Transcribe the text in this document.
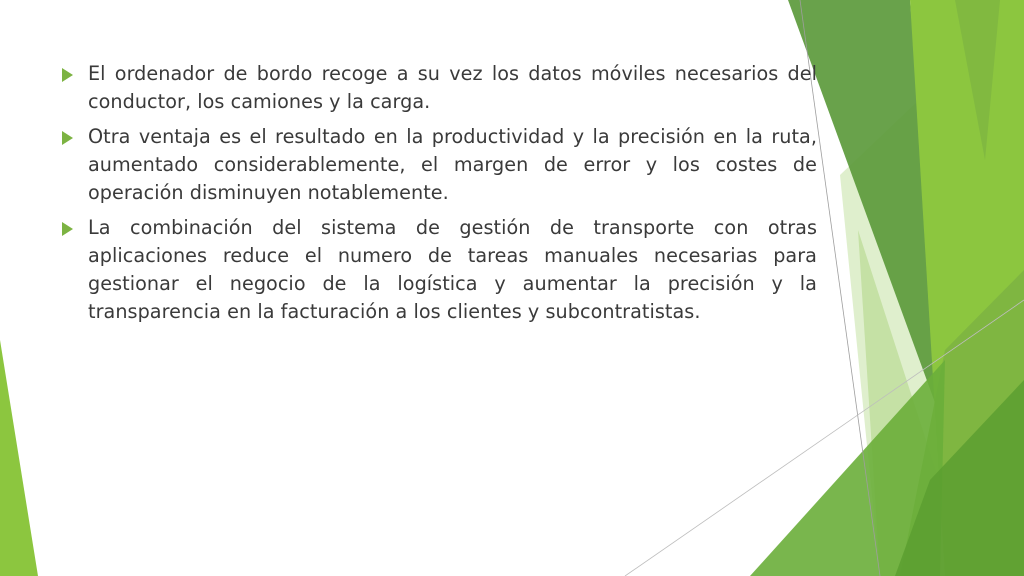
El ordenador de bordo recoge a su vez los datos móviles necesarios del conductor, los camiones y la carga.
Otra ventaja es el resultado en la productividad y la precisión en la ruta, aumentado considerablemente, el margen de error y los costes de operación disminuyen notablemente.
La combinación del sistema de gestión de transporte con otras aplicaciones reduce el numero de tareas manuales necesarias para gestionar el negocio de la logística y aumentar la precisión y la transparencia en la facturación a los clientes y subcontratistas.
